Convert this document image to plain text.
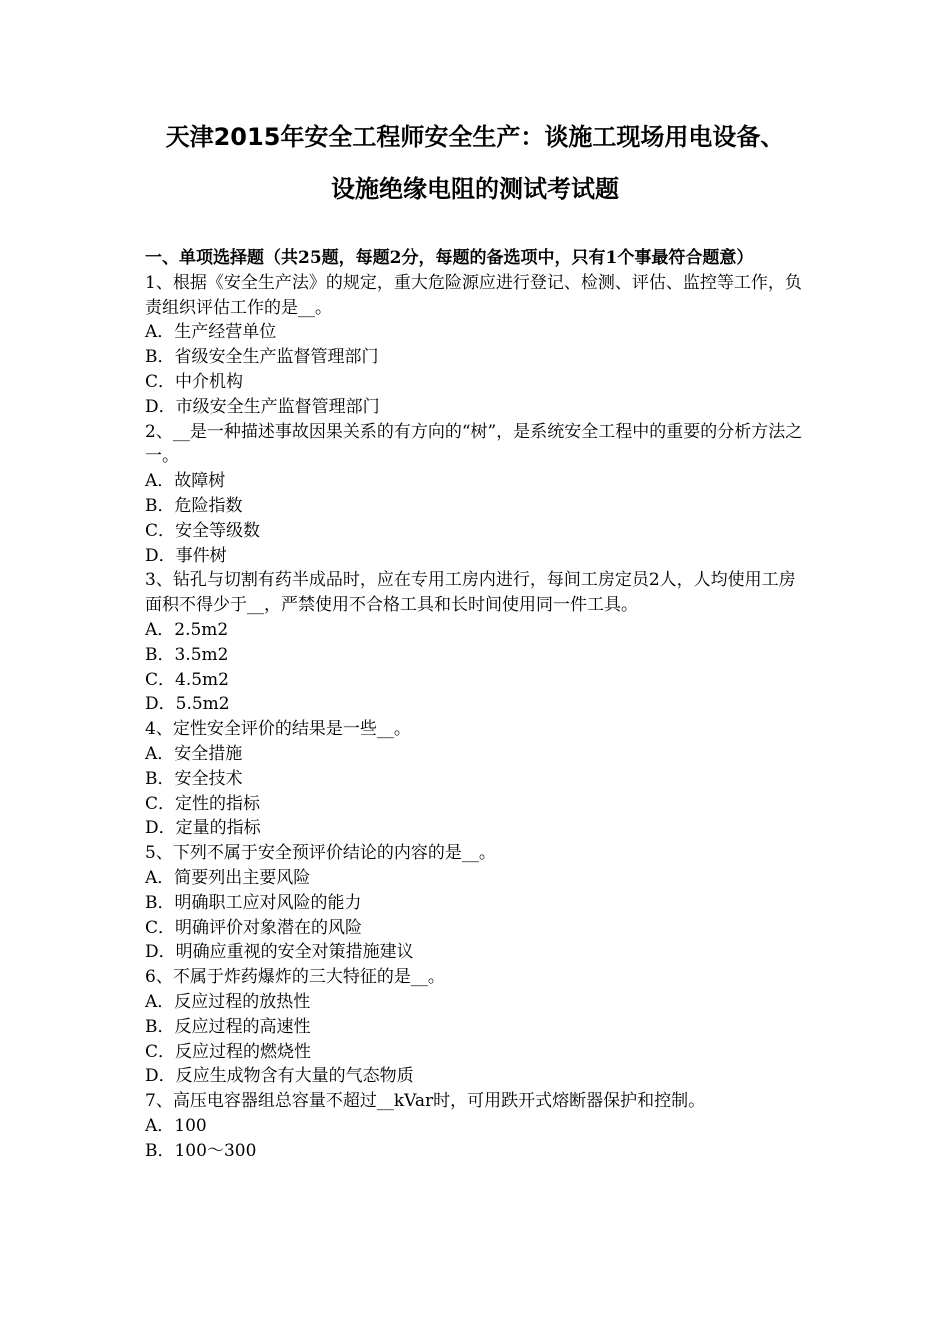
天津2015年安全工程师安全生产：谈施工现场用电设备、
设施绝缘电阻的测试考试题

一、单项选择题（共25题，每题2分，每题的备选项中，只有1个事最符合题意）

1、根据《安全生产法》的规定，重大危险源应进行登记、检测、评估、监控等工作，负责组织评估工作的是__。

A．生产经营单位

B．省级安全生产监督管理部门

C．中介机构

D．市级安全生产监督管理部门

2、__是一种描述事故因果关系的有方向的“树”，是系统安全工程中的重要的分析方法之一。

A．故障树

B．危险指数

C．安全等级数

D．事件树

3、钻孔与切割有药半成品时，应在专用工房内进行，每间工房定员2人，人均使用工房面积不得少于__，严禁使用不合格工具和长时间使用同一件工具。

A．2.5m2

B．3.5m2

C．4.5m2

D．5.5m2

4、定性安全评价的结果是一些__。

A．安全措施

B．安全技术

C．定性的指标

D．定量的指标

5、下列不属于安全预评价结论的内容的是__。

A．简要列出主要风险

B．明确职工应对风险的能力

C．明确评价对象潜在的风险

D．明确应重视的安全对策措施建议

6、不属于炸药爆炸的三大特征的是__。

A．反应过程的放热性

B．反应过程的高速性

C．反应过程的燃烧性

D．反应生成物含有大量的气态物质

7、高压电容器组总容量不超过__kVar时，可用跌开式熔断器保护和控制。

A．100

B．100～300
